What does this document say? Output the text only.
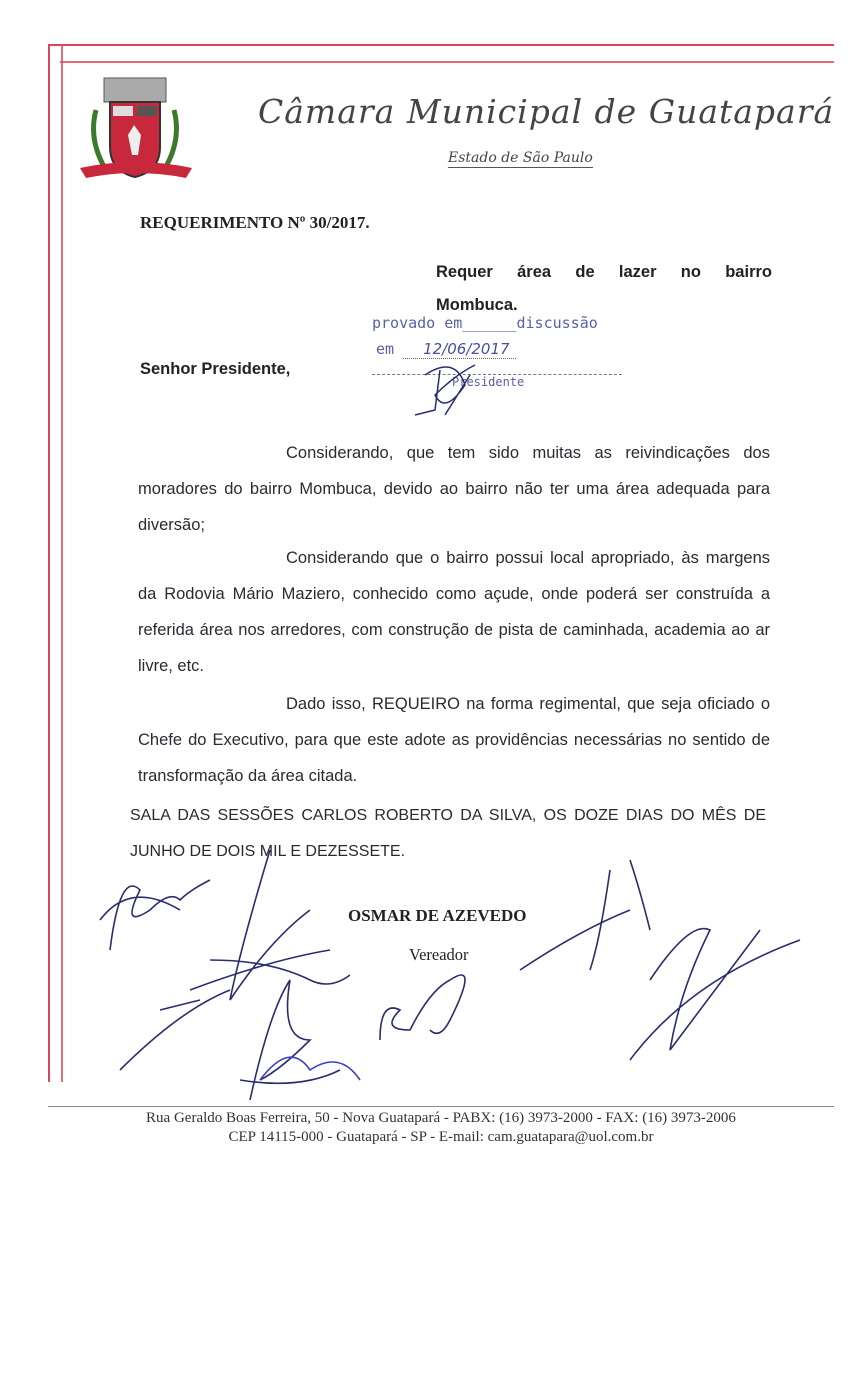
Câmara Municipal de Guatapará
Estado de São Paulo
REQUERIMENTO Nº 30/2017.
Requer área de lazer no bairro
Mombuca.
provado em______discussão
em 12/06/2017
Presidente
Senhor Presidente,

Considerando, que tem sido muitas as reivindicações dos moradores do bairro Mombuca, devido ao bairro não ter uma área adequada para diversão;

Considerando que o bairro possui local apropriado, às margens da Rodovia Mário Maziero, conhecido como açude, onde poderá ser construída a referida área nos arredores, com construção de pista de caminhada, academia ao ar livre, etc.

Dado isso, REQUEIRO na forma regimental, que seja oficiado o Chefe do Executivo, para que este adote as providências necessárias no sentido de transformação da área citada.

SALA DAS SESSÕES CARLOS ROBERTO DA SILVA, OS DOZE DIAS DO MÊS DE JUNHO DE DOIS MIL E DEZESSETE.
OSMAR DE AZEVEDO
Vereador
Rua Geraldo Boas Ferreira, 50 - Nova Guatapará - PABX: (16) 3973-2000 - FAX: (16) 3973-2006
CEP 14115-000 - Guatapará - SP - E-mail: cam.guatapara@uol.com.br
